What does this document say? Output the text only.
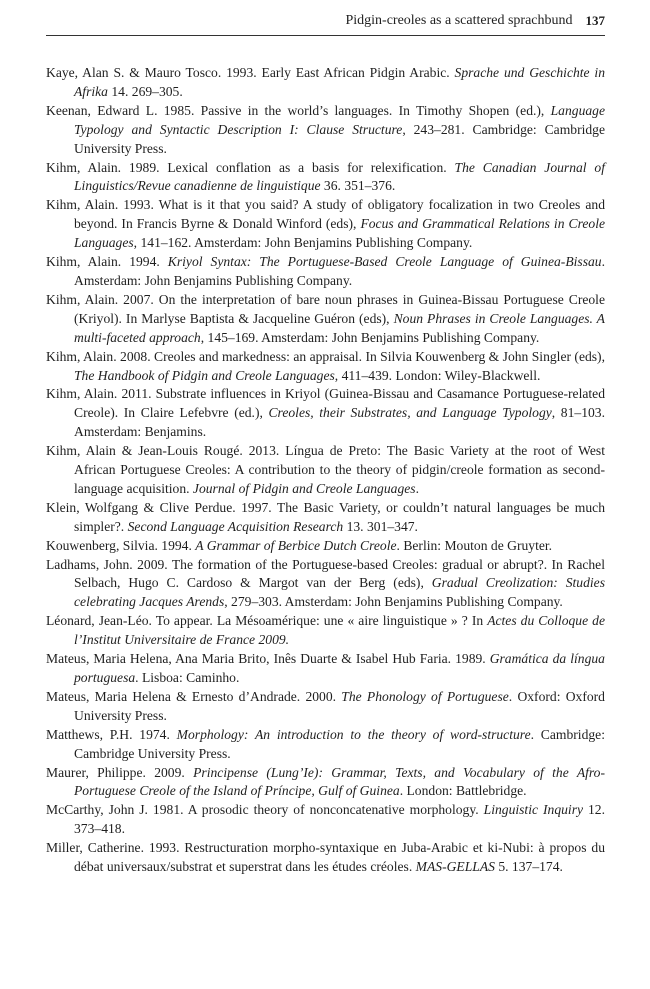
Pidgin-creoles as a scattered sprachbund 137
Kaye, Alan S. & Mauro Tosco. 1993. Early East African Pidgin Arabic. Sprache und Geschichte in Afrika 14. 269–305.
Keenan, Edward L. 1985. Passive in the world’s languages. In Timothy Shopen (ed.), Language Typology and Syntactic Description I: Clause Structure, 243–281. Cambridge: Cambridge University Press.
Kihm, Alain. 1989. Lexical conflation as a basis for relexification. The Canadian Journal of Linguistics/Revue canadienne de linguistique 36. 351–376.
Kihm, Alain. 1993. What is it that you said? A study of obligatory focalization in two Creoles and beyond. In Francis Byrne & Donald Winford (eds), Focus and Grammatical Relations in Creole Languages, 141–162. Amsterdam: John Benjamins Publishing Company.
Kihm, Alain. 1994. Kriyol Syntax: The Portuguese-Based Creole Language of Guinea-Bissau. Amsterdam: John Benjamins Publishing Company.
Kihm, Alain. 2007. On the interpretation of bare noun phrases in Guinea-Bissau Portuguese Creole (Kriyol). In Marlyse Baptista & Jacqueline Guéron (eds), Noun Phrases in Creole Languages. A multi-faceted approach, 145–169. Amsterdam: John Benjamins Publishing Company.
Kihm, Alain. 2008. Creoles and markedness: an appraisal. In Silvia Kouwenberg & John Singler (eds), The Handbook of Pidgin and Creole Languages, 411–439. London: Wiley-Blackwell.
Kihm, Alain. 2011. Substrate influences in Kriyol (Guinea-Bissau and Casamance Portuguese-related Creole). In Claire Lefebvre (ed.), Creoles, their Substrates, and Language Typology, 81–103. Amsterdam: Benjamins.
Kihm, Alain & Jean-Louis Rougé. 2013. Língua de Preto: The Basic Variety at the root of West African Portuguese Creoles: A contribution to the theory of pidgin/creole formation as second-language acquisition. Journal of Pidgin and Creole Languages.
Klein, Wolfgang & Clive Perdue. 1997. The Basic Variety, or couldn’t natural languages be much simpler?. Second Language Acquisition Research 13. 301–347.
Kouwenberg, Silvia. 1994. A Grammar of Berbice Dutch Creole. Berlin: Mouton de Gruyter.
Ladhams, John. 2009. The formation of the Portuguese-based Creoles: gradual or abrupt?. In Rachel Selbach, Hugo C. Cardoso & Margot van der Berg (eds), Gradual Creolization: Studies celebrating Jacques Arends, 279–303. Amsterdam: John Benjamins Publishing Company.
Léonard, Jean-Léo. To appear. La Mésoamérique: une « aire linguistique » ? In Actes du Colloque de l’Institut Universitaire de France 2009.
Mateus, Maria Helena, Ana Maria Brito, Inês Duarte & Isabel Hub Faria. 1989. Gramática da língua portuguesa. Lisboa: Caminho.
Mateus, Maria Helena & Ernesto d’Andrade. 2000. The Phonology of Portuguese. Oxford: Oxford University Press.
Matthews, P.H. 1974. Morphology: An introduction to the theory of word-structure. Cambridge: Cambridge University Press.
Maurer, Philippe. 2009. Principense (Lung’Ie): Grammar, Texts, and Vocabulary of the Afro-Portuguese Creole of the Island of Príncipe, Gulf of Guinea. London: Battlebridge.
McCarthy, John J. 1981. A prosodic theory of nonconcatenative morphology. Linguistic Inquiry 12. 373–418.
Miller, Catherine. 1993. Restructuration morpho-syntaxique en Juba-Arabic et ki-Nubi: à propos du débat universaux/substrat et superstrat dans les études créoles. MAS-GELLAS 5. 137–174.
